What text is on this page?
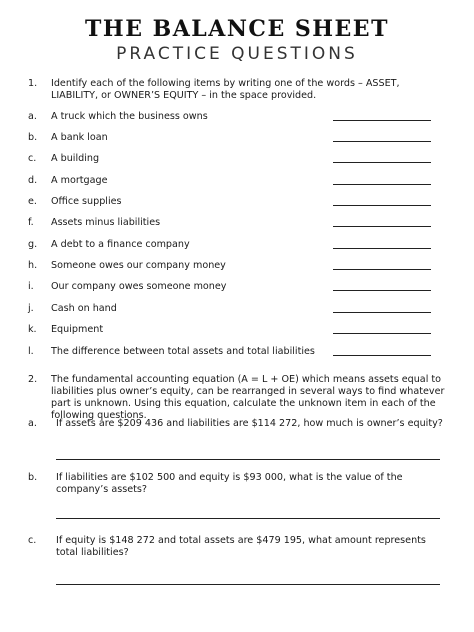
THE BALANCE SHEET
PRACTICE QUESTIONS
1. Identify each of the following items by writing one of the words – ASSET, LIABILITY, or OWNER’S EQUITY – in the space provided.
a. A truck which the business owns
b. A bank loan
c. A building
d. A mortgage
e. Office supplies
f. Assets minus liabilities
g. A debt to a finance company
h. Someone owes our company money
i. Our company owes someone money
j. Cash on hand
k. Equipment
l. The difference between total assets and total liabilities
2. The fundamental accounting equation (A = L + OE) which means assets equal to liabilities plus owner’s equity, can be rearranged in several ways to find whatever part is unknown. Using this equation, calculate the unknown item in each of the following questions.
a. If assets are $209 436 and liabilities are $114 272, how much is owner’s equity?
b. If liabilities are $102 500 and equity is $93 000, what is the value of the company’s assets?
c. If equity is $148 272 and total assets are $479 195, what amount represents total liabilities?
